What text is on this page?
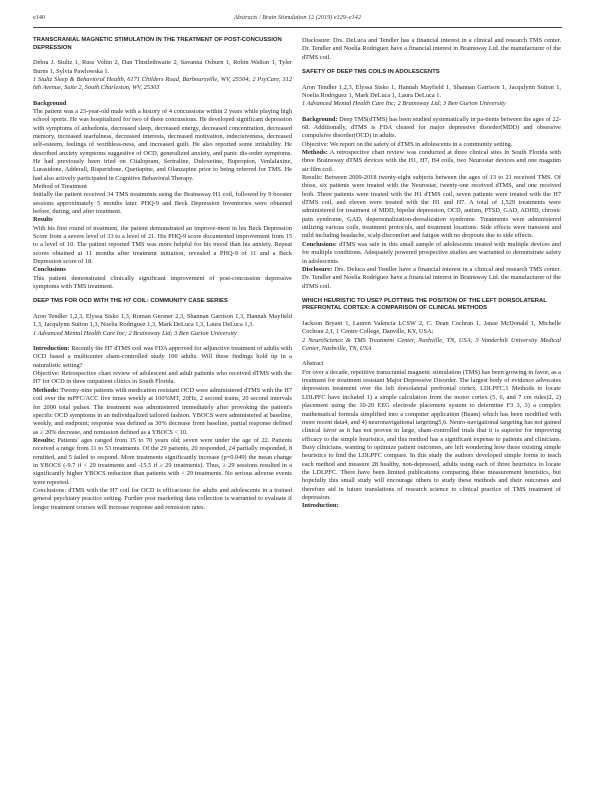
e140	Abstracts / Brain Stimulation 12 (2019) e129–e142

TRANSCRANIAL MAGNETIC STIMULATION IN THE TREATMENT OF POST-CONCUSSION DEPRESSION

Debra J. Stultz 1, Russ Voltin 2, Dan Thistlethwaite 2, Savanna Osburn 1, Robin Walton 1, Tyler Burns 1, Sylvia Pawlowska 1.

1 Stultz Sleep & Behavioral Health, 6171 Childers Road, Barboursville, WV, 25504; 2 PsyCare, 312 6th Avenue, Suite 2, South Charleston, WV, 25303

Background

The patient was a 23-year-old male with a history of 4 concussions within 2 years while playing high school sports. He was hospitalized for two of these concussions. He developed significant depression with symptoms of anhedonia, decreased sleep, decreased energy, decreased concentration, decreased memory, increased tearfulness, decreased interests, decreased motivation, indecisiveness, decreased self-esteem, feelings of worthless-ness, and increased guilt. He also reported some irritability. He described anxiety symptoms suggestive of OCD, generalized anxiety, and panic dis-order symptoms. He had previously been tried on Citalopram, Sertraline, Duloxetine, Bupropion, Venlafaxine, Lurasidone, Adderall, Risperidone, Quetiapine, and Olanzapine prior to being referred for TMS. He had also actively participated in Cognitive Behavioral Therapy.

Method of Treatment

Initially the patient received 34 TMS treatments using the Brainsway H1 coil, followed by 9 booster sessions approximately 5 months later. PHQ-9 and Beck Depression Inventories were obtained before, during, and after treatment.

Results

With his first round of treatment, the patient demonstrated an improve-ment in his Beck Depression Score from a severe level of 33 to a level of 21. His PHQ-9 score documented improvement from 15 to a level of 10. The patient reported TMS was more helpful for his mood than his anxiety. Repeat scores obtained at 11 months after treatment initiation, revealed a PHQ-9 of 11 and a Beck Depression score of 18.

Conclusions

This patient demonstrated clinically significant improvement of post-concussion depressive symptoms with TMS treatment.

DEEP TMS FOR OCD WITH THE H7 COIL: COMMUNITY CASE SERIES

Aron Tendler 1,2,3, Elyssa Sisko 1,3, Roman Gersner 2,3, Shannan Garrison 1,3, Hannah Mayfield 1,3, Jacqulynn Sutton 1,3, Noelia Rodriguez 1,3, Mark DeLuca 1,3, Laura DeLuca 1,3.

1 Advanced Mental Health Care Inc; 2 Brainsway Ltd; 3 Ben Gurion University

Introduction: Recently the H7 dTMS coil was FDA approved for adjunctive treatment of adults with OCD based a multicenter sham-controlled study 100 adults. Will these findings hold up in a naturalistic setting?

Objective: Retrospective chart review of adolescent and adult patients who received dTMS with the H7 for OCD in three outpatient clinics in South Florida.

Methods: Twenty-nine patients with medication resistant OCD were administered dTMS with the H7 coil over the mPFC/ACC five times weekly at 100%MT, 20Hz, 2 second trains, 20 second intervals for 2000 total pulses. The treatment was administered immediately after provoking the patient's specific OCD symptoms in an individualized tailored fashion. YBOCS were administered at baseline, weekly, and endpoint; response was defined as 30% decrease from baseline, partial response defined as ≥ 20% decrease, and remission defined as a YBOCS < 10.

Results: Patients' ages ranged from 15 to 70 years old; seven were under the age of 22. Patients received a range from 11 to 53 treatments. Of the 29 patients, 20 responded, 24 partially responded, 8 remitted, and 5 failed to respond. More treatments significantly increase (p=0.049) the mean change in YBOCS (-9.7 if < 29 treatments and -15.5 if ≥ 29 treatments). Thus, ≥ 29 sessions resulted in a significantly higher YBOCS reduction than patients with < 29 treatments. No serious adverse events were reported.

Conclusions: dTMS with the H7 coil for OCD is efficacious for adults and adolescents in a trained general psychiatry practice setting. Further post marketing data collection is warranted to evaluate if longer treatment courses will increase response and remission rates.

Disclosure: Drs. DeLuca and Tendler has a financial interest in a clinical and research TMS center. Dr. Tendler and Noelia Rodriguez have a financial interest in Brainsway Ltd. the manufacturer of the dTMS coil.

SAFETY OF DEEP TMS COILS IN ADOLESCENTS

Aron Tendler 1,2,3, Elyssa Sisko 1, Hannah Mayfield 1, Shannan Garrison 1, Jacqulynn Sutton 1, Noelia Rodriguez 1, Mark DeLuca 1, Laura DeLuca 1.

1 Advanced Mental Health Care Inc; 2 Brainsway Ltd; 3 Ben Gurion University

Background: Deep TMS(dTMS) has been studied systematically in pa-tients between the ages of 22-68. Additionally, dTMS is FDA cleared for major depressive disorder(MDD) and obsessive compulsive disorder(OCD) in adults.

Objective: We report on the safety of dTMS in adolescents in a community setting.

Methods: A retrospective chart review was conducted at three clinical sites in South Florida with three Brainsway dTMS devices with the H1, H7, H4 coils, two Neurostar devices and one magstim air film coil.

Results: Between 2009-2018 twenty-eight subjects between the ages of 13 to 21 received TMS. Of those, six patients were treated with the Neurostar, twenty-one received dTMS, and one received both. Three patients were treated with the H1 dTMS coil, seven patients were treated with the H7 dTMS coil, and eleven were treated with the H1 and H7. A total of 1,529 treatments were administered for treatment of MDD, bipolar depression, OCD, autism, PTSD, GAD, ADHD, chronic pain syndrome, GAD, depersonalization-derealization syndrome. Treatments were administered utilizing various coils, treatment protocols, and treatment locations. Side effects were transient and mild including headache, scalp discomfort and fatigue with no dropouts due to side effects.

Conclusions: dTMS was safe in this small sample of adolescents treated with multiple devices and for multiple conditions. Adequately powered prospective studies are warranted to demonstrate safety in adolescents.

Disclosure: Drs. Deluca and Tendler have a financial interest in a clinical and research TMS center. Dr. Tendler and Noelia Rodriguez have a financial interest in Brainsway Ltd. the manufacturer of the dTMS coil.

WHICH HEURISTIC TO USE? PLOTTING THE POSITION OF THE LEFT DORSOLATERAL PREFRONTAL CORTEX: A COMPARISON OF CLINICAL METHODS

Jackson Bryant 1, Lauren Valencia LCSW 2, C. Dean Cochran 1, Janae McDonald 1, Michelle Cochran 2,1, 1 Centre College, Danville, KY, USA;

2 NeuroScience & TMS Treatment Center, Nashville, TN, USA; 3 Vanderbilt University Medical Center, Nashville, TN, USA

Abstract

For over a decade, repetitive transcranial magnetic stimulation (TMS) has been growing in favor, as a treatment for treatment resistant Major Depressive Disorder. The largest body of evidence advocates depression treatment over the left dorsolateral prefrontal cortex, LDLPFC.1 Methods to locate LDLPFC have included 1) a simple calculation from the motor cortex (5, 6, and 7 cm rules)2, 2) placement using the 10-20 EEG electrode placement system to determine F3 3, 3) a complex mathematical formula simplified into a computer application (Beam) which has been modified with more recent data4, and 4) neuronavigational targeting5,6. Neuro-navigational targeting has not gained clinical favor as it has not proven in large, sham-controlled trials that it is superior for improving efficacy to the simple heuristics, and this method has a significant expense to patients and clinicians. Busy clinicians, wanting to optimize patient outcomes, are left wondering how these existing simple heuristics to find the LDLPFC compare. In this study the authors developed simple forms to teach each method and measure 28 healthy, non-depressed, adults using each of three heuristics to locate the LDLPFC. There have been limited publications comparing these measurement heuristics, but hopefully this small study will encourage others to study these methods and their outcomes and therefore aid in future translations of research science to clinical practice of TMS treatment of depression.

Introduction:
